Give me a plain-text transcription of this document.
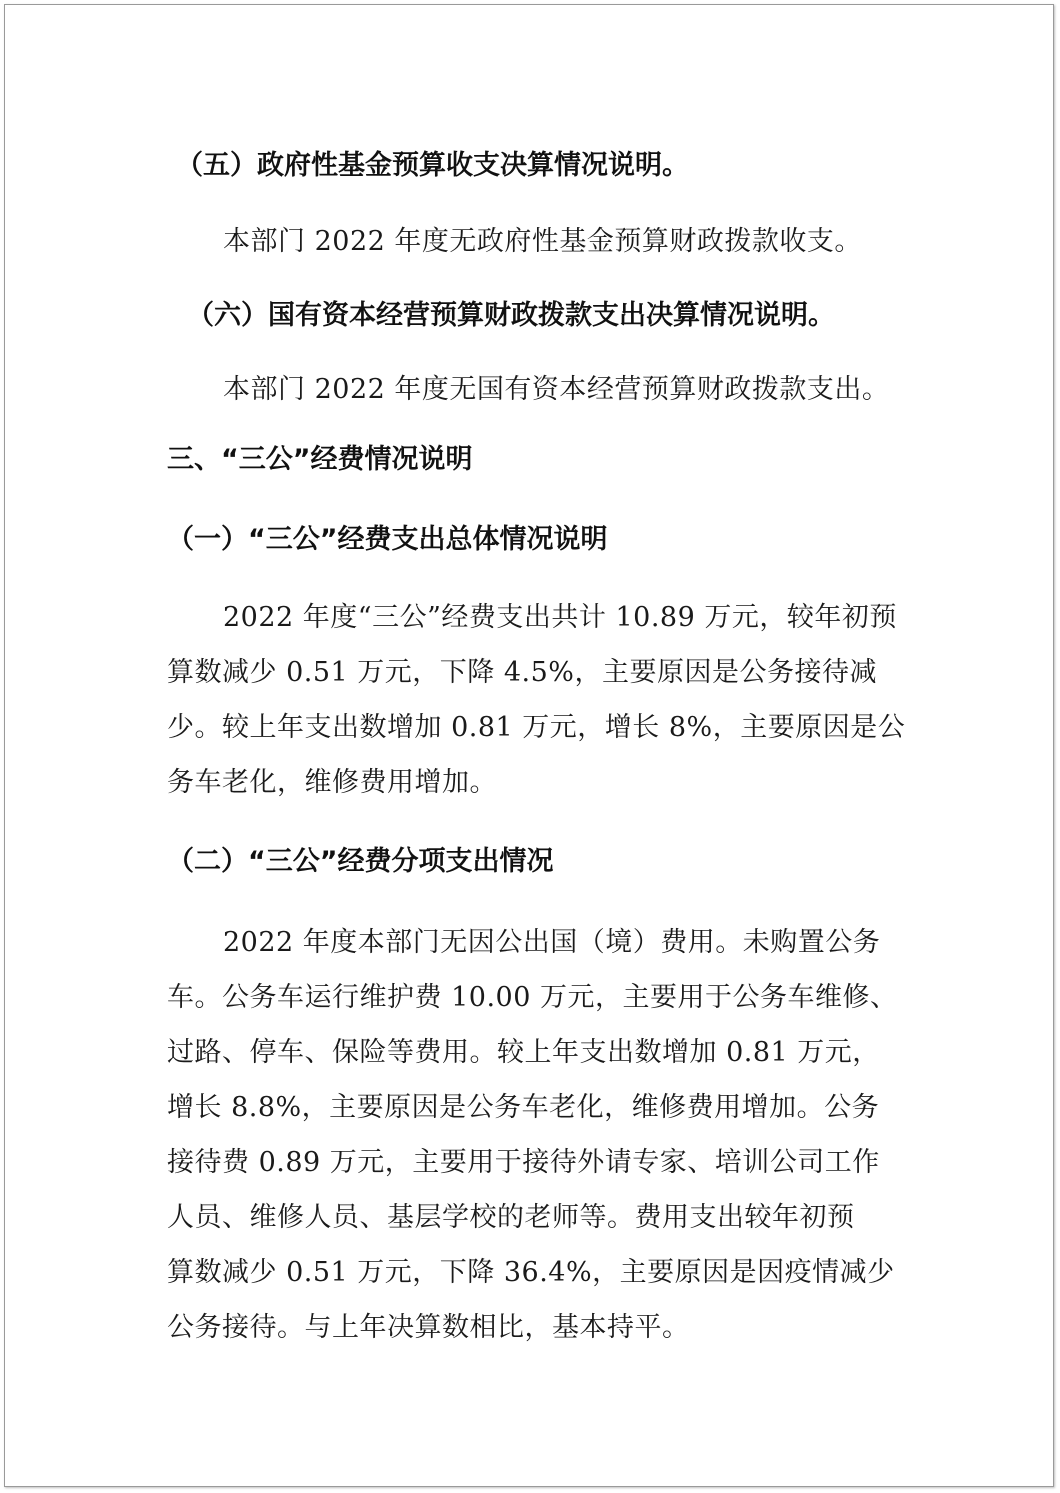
（五）政府性基金预算收支决算情况说明。
本部门 2022 年度无政府性基金预算财政拨款收支。
（六）国有资本经营预算财政拨款支出决算情况说明。
本部门 2022 年度无国有资本经营预算财政拨款支出。
三、“三公”经费情况说明
（一）“三公”经费支出总体情况说明
2022 年度“三公”经费支出共计 10.89 万元，较年初预
算数减少 0.51 万元，下降 4.5%，主要原因是公务接待减
少。较上年支出数增加 0.81 万元，增长 8%，主要原因是公
务车老化，维修费用增加。
（二）“三公”经费分项支出情况
2022 年度本部门无因公出国（境）费用。未购置公务
车。公务车运行维护费 10.00 万元，主要用于公务车维修、
过路、停车、保险等费用。较上年支出数增加 0.81 万元，
增长 8.8%，主要原因是公务车老化，维修费用增加。公务
接待费 0.89 万元，主要用于接待外请专家、培训公司工作
人员、维修人员、基层学校的老师等。费用支出较年初预
算数减少 0.51 万元，下降 36.4%，主要原因是因疫情减少
公务接待。与上年决算数相比，基本持平。
